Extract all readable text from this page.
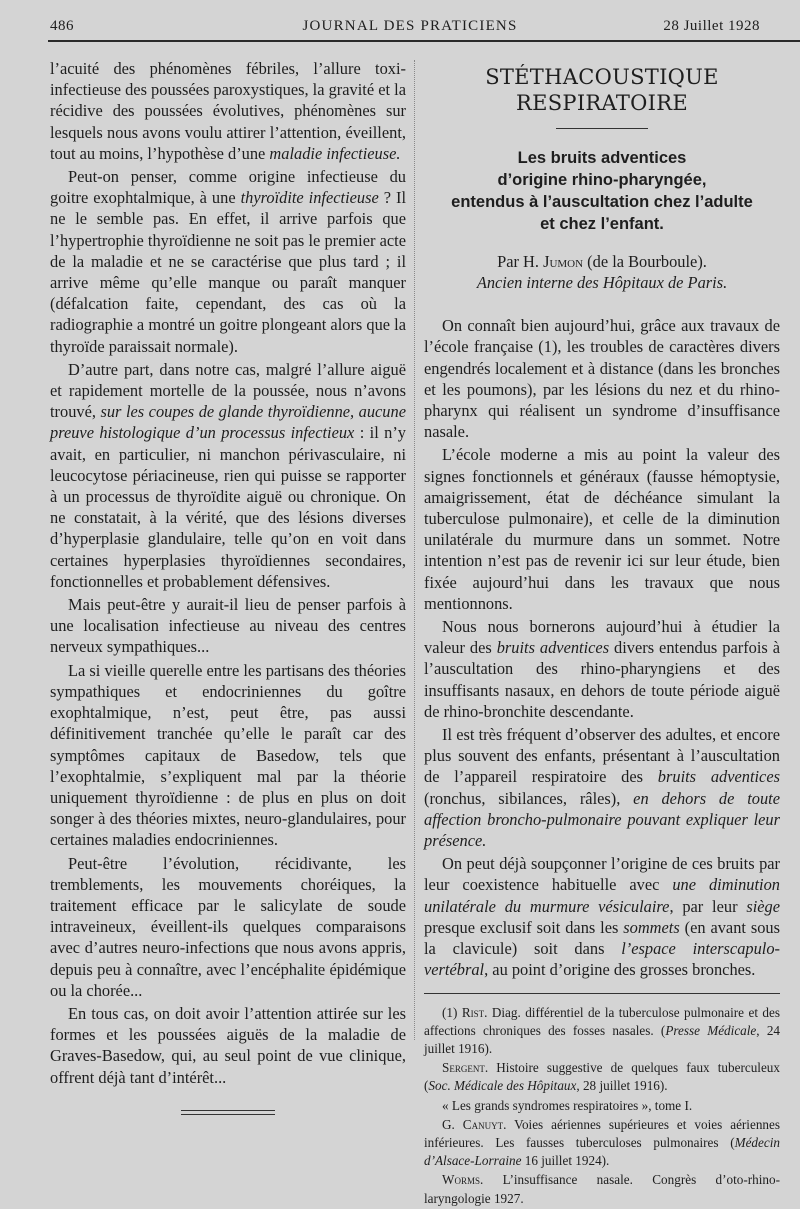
486	JOURNAL DES PRATICIENS	28 Juillet 1928

l’acuité des phénomènes fébriles, l’allure toxi-infectieuse des poussées paroxystiques, la gravité et la récidive des poussées évolutives, phénomènes sur lesquels nous avons voulu attirer l’attention, éveillent, tout au moins, l’hypothèse d’une maladie infectieuse.

Peut-on penser, comme origine infectieuse du goitre exophtalmique, à une thyroïdite infectieuse ? Il ne le semble pas. En effet, il arrive parfois que l’hypertrophie thyroïdienne ne soit pas le premier acte de la maladie et ne se caractérise que plus tard ; il arrive même qu’elle manque ou paraît manquer (défalcation faite, cependant, des cas où la radiographie a montré un goitre plongeant alors que la thyroïde paraissait normale).

D’autre part, dans notre cas, malgré l’allure aiguë et rapidement mortelle de la poussée, nous n’avons trouvé, sur les coupes de glande thyroïdienne, aucune preuve histologique d’un processus infectieux : il n’y avait, en particulier, ni manchon périvasculaire, ni leucocytose périacineuse, rien qui puisse se rapporter à un processus de thyroïdite aiguë ou chronique. On ne constatait, à la vérité, que des lésions diverses d’hyperplasie glandulaire, telle qu’on en voit dans certaines hyperplasies thyroïdiennes secondaires, fonctionnelles et probablement défensives.

Mais peut-être y aurait-il lieu de penser parfois à une localisation infectieuse au niveau des centres nerveux sympathiques...

La si vieille querelle entre les partisans des théories sympathiques et endocriniennes du goître exophtalmique, n’est, peut être, pas aussi définitivement tranchée qu’elle le paraît car des symptômes capitaux de Basedow, tels que l’exophtalmie, s’expliquent mal par la théorie uniquement thyroïdienne : de plus en plus on doit songer à des théories mixtes, neuro-glandulaires, pour certaines maladies endocriniennes.

Peut-être l’évolution, récidivante, les tremblements, les mouvements choréiques, la traitement efficace par le salicylate de soude intraveineux, éveillent-ils quelques comparaisons avec d’autres neuro-infections que nous avons appris, depuis peu à connaître, avec l’encéphalite épidémique ou la chorée...

En tous cas, on doit avoir l’attention attirée sur les formes et les poussées aiguës de la maladie de Graves-Basedow, qui, au seul point de vue clinique, offrent déjà tant d’intérêt...

STÉTHACOUSTIQUE RESPIRATOIRE
Les bruits adventices
d’origine rhino-pharyngée,
entendus à l’auscultation chez l’adulte
et chez l’enfant.
Par H. Jumon (de la Bourboule).
Ancien interne des Hôpitaux de Paris.

On connaît bien aujourd’hui, grâce aux travaux de l’école française (1), les troubles de caractères divers engendrés localement et à distance (dans les bronches et les poumons), par les lésions du nez et du rhino-pharynx qui réalisent un syndrome d’insuffisance nasale.

L’école moderne a mis au point la valeur des signes fonctionnels et généraux (fausse hémoptysie, amaigrissement, état de déchéance simulant la tuberculose pulmonaire), et celle de la diminution unilatérale du murmure dans un sommet. Notre intention n’est pas de revenir ici sur leur étude, bien fixée aujourd’hui dans les travaux que nous mentionnons.

Nous nous bornerons aujourd’hui à étudier la valeur des bruits adventices divers entendus parfois à l’auscultation des rhino-pharyngiens et des insuffisants nasaux, en dehors de toute période aiguë de rhino-bronchite descendante.

Il est très fréquent d’observer des adultes, et encore plus souvent des enfants, présentant à l’auscultation de l’appareil respiratoire des bruits adventices (ronchus, sibilances, râles), en dehors de toute affection broncho-pulmonaire pouvant expliquer leur présence.

On peut déjà soupçonner l’origine de ces bruits par leur coexistence habituelle avec une diminution unilatérale du murmure vésiculaire, par leur siège presque exclusif soit dans les sommets (en avant sous la clavicule) soit dans l’espace interscapulo-vertébral, au point d’origine des grosses bronches.

(1) Rist. Diag. différentiel de la tuberculose pulmonaire et des affections chroniques des fosses nasales. (Presse Médicale, 24 juillet 1916).

Sergent. Histoire suggestive de quelques faux tuberculeux (Soc. Médicale des Hôpitaux, 28 juillet 1916).

« Les grands syndromes respiratoires », tome I.

G. Canuyt. Voies aériennes supérieures et voies aériennes inférieures. Les fausses tuberculoses pulmonaires (Médecin d’Alsace-Lorraine 16 juillet 1924).

Worms. L’insuffisance nasale. Congrès d’oto-rhino-laryngologie 1927.
